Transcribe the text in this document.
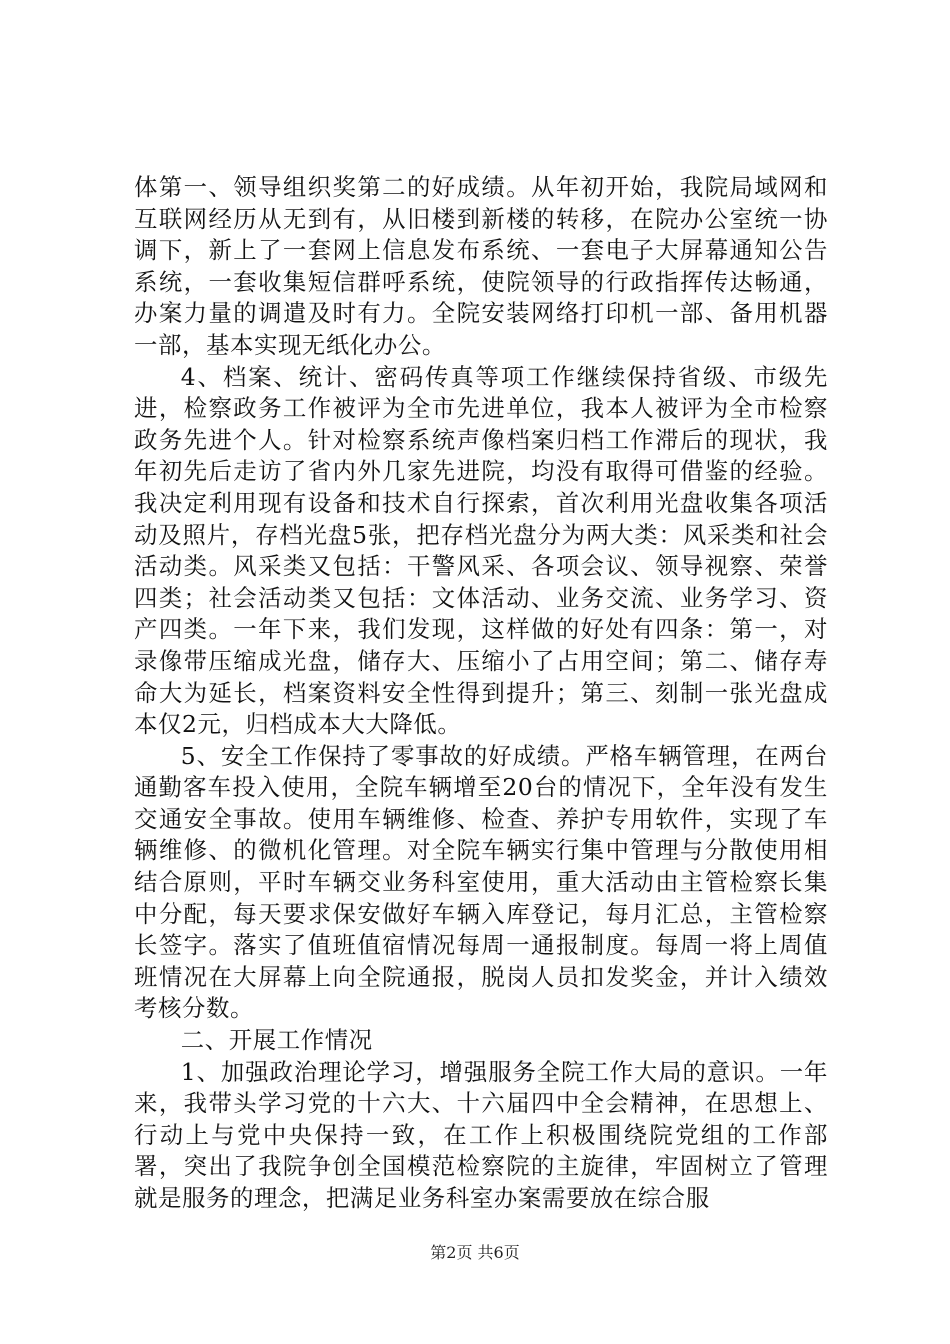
体第一、领导组织奖第二的好成绩。从年初开始，我院局域网和互联网经历从无到有，从旧楼到新楼的转移，在院办公室统一协调下，新上了一套网上信息发布系统、一套电子大屏幕通知公告系统，一套收集短信群呼系统，使院领导的行政指挥传达畅通，办案力量的调遣及时有力。全院安装网络打印机一部、备用机器一部，基本实现无纸化办公。

4、档案、统计、密码传真等项工作继续保持省级、市级先进，检察政务工作被评为全市先进单位，我本人被评为全市检察政务先进个人。针对检察系统声像档案归档工作滞后的现状，我年初先后走访了省内外几家先进院，均没有取得可借鉴的经验。我决定利用现有设备和技术自行探索，首次利用光盘收集各项活动及照片，存档光盘5张，把存档光盘分为两大类：风采类和社会活动类。风采类又包括：干警风采、各项会议、领导视察、荣誉四类；社会活动类又包括：文体活动、业务交流、业务学习、资产四类。一年下来，我们发现，这样做的好处有四条：第一，对录像带压缩成光盘，储存大、压缩小了占用空间；第二、储存寿命大为延长，档案资料安全性得到提升；第三、刻制一张光盘成本仅2元，归档成本大大降低。

5、安全工作保持了零事故的好成绩。严格车辆管理，在两台通勤客车投入使用，全院车辆增至20台的情况下，全年没有发生交通安全事故。使用车辆维修、检查、养护专用软件，实现了车辆维修、的微机化管理。对全院车辆实行集中管理与分散使用相结合原则，平时车辆交业务科室使用，重大活动由主管检察长集中分配，每天要求保安做好车辆入库登记，每月汇总，主管检察长签字。落实了值班值宿情况每周一通报制度。每周一将上周值班情况在大屏幕上向全院通报，脱岗人员扣发奖金，并计入绩效考核分数。

二、开展工作情况

1、加强政治理论学习，增强服务全院工作大局的意识。一年来，我带头学习党的十六大、十六届四中全会精神，在思想上、行动上与党中央保持一致，在工作上积极围绕院党组的工作部署，突出了我院争创全国模范检察院的主旋律，牢固树立了管理就是服务的理念，把满足业务科室办案需要放在综合服

第2页 共6页
